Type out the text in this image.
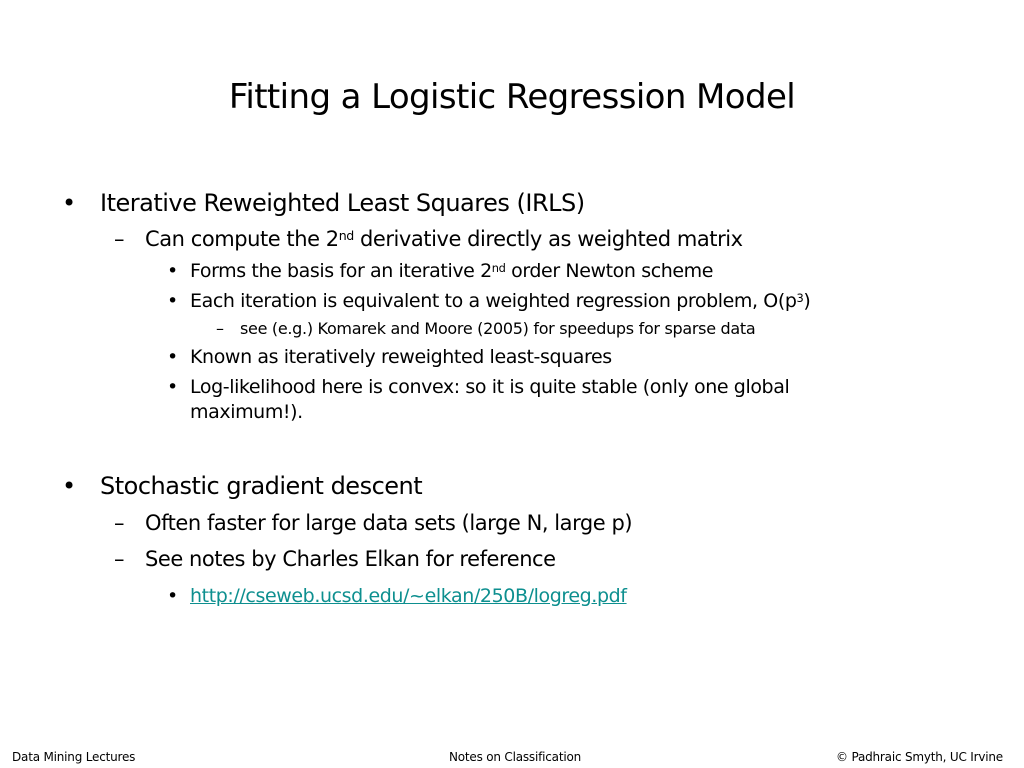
Fitting a Logistic Regression Model
• Iterative Reweighted Least Squares (IRLS)
– Can compute the 2nd derivative directly as weighted matrix
• Forms the basis for an iterative 2nd order Newton scheme
• Each iteration is equivalent to a weighted regression problem, $O(p^3)$
– see (e.g.) Komarek and Moore (2005) for speedups for sparse data
• Known as iteratively reweighted least-squares
• Log-likelihood here is convex: so it is quite stable (only one global
maximum!).
• Stochastic gradient descent
– Often faster for large data sets (large N, large p)
– See notes by Charles Elkan for reference
• http://cseweb.ucsd.edu/~elkan/250B/logreg.pdf
Data Mining Lectures	Notes on Classification	© Padhraic Smyth, UC Irvine
